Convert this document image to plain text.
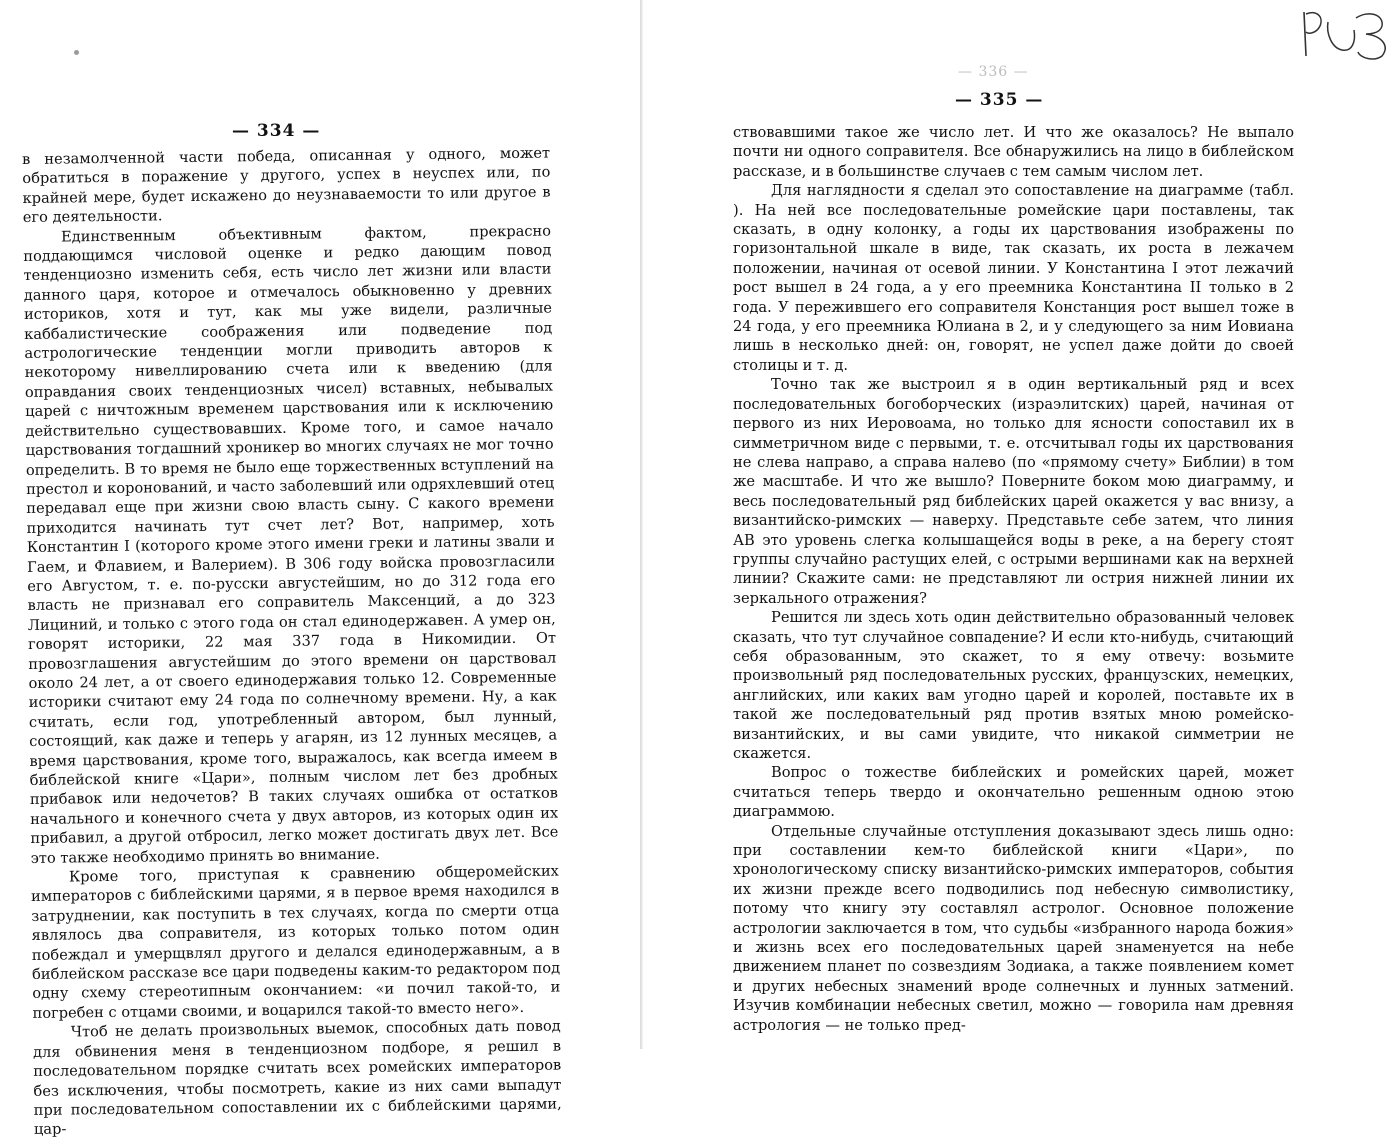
— 334 —

в незамолченной части победа, описанная у одного, может обратиться в поражение у другого, успех в неуспех или, по крайней мере, будет искажено до неузнаваемости то или другое в его деятельности.

Единственным объективным фактом, прекрасно поддающимся числовой оценке и редко дающим повод тенденциозно изменить себя, есть число лет жизни или власти данного царя, которое и отмечалось обыкновенно у древних историков, хотя и тут, как мы уже видели, различные каббалистические соображения или подведение под астрологические тенденции могли приводить авторов к некоторому нивеллированию счета или к введению (для оправдания своих тенденциозных чисел) вставных, небывалых царей с ничтожным временем царствования или к исключению действительно существовавших. Кроме того, и самое начало царствования тогдашний хроникер во многих случаях не мог точно определить. В то время не было еще торжественных вступлений на престол и коронований, и часто заболевший или одряхлевший отец передавал еще при жизни свою власть сыну. С какого времени приходится начинать тут счет лет? Вот, например, хоть Константин I (которого кроме этого имени греки и латины звали и Гаем, и Флавием, и Валерием). В 306 году войска провозгласили его Августом, т. е. по-русски августейшим, но до 312 года его власть не признавал его соправитель Максенций, а до 323 Лициний, и только с этого года он стал единодержавен. А умер он, говорят историки, 22 мая 337 года в Никомидии. От провозглашения августейшим до этого времени он царствовал около 24 лет, а от своего единодержавия только 12. Современные историки считают ему 24 года по солнечному времени. Ну, а как считать, если год, употребленный автором, был лунный, состоящий, как даже и теперь у агарян, из 12 лунных месяцев, а время царствования, кроме того, выражалось, как всегда имеем в библейской книге «Цари», полным числом лет без дробных прибавок или недочетов? В таких случаях ошибка от остатков начального и конечного счета у двух авторов, из которых один их прибавил, а другой отбросил, легко может достигать двух лет. Все это также необходимо принять во внимание.

Кроме того, приступая к сравнению общеромейских императоров с библейскими царями, я в первое время находился в затруднении, как поступить в тех случаях, когда по смерти отца являлось два соправителя, из которых только потом один побеждал и умерщвлял другого и делался единодержавным, а в библейском рассказе все цари подведены каким-то редактором под одну схему стереотипным окончанием: «и почил такой-то, и погребен с отцами своими, и воцарился такой-то вместо него».

Чтоб не делать произвольных выемок, способных дать повод для обвинения меня в тенденциозном подборе, я решил в последовательном порядке считать всех ромейских императоров без исключения, чтобы посмотреть, какие из них сами выпадут при последовательном сопоставлении их с библейскими царями, цар-

— 336 —
— 335 —

ствовавшими такое же число лет. И что же оказалось? Не выпало почти ни одного соправителя. Все обнаружились на лицо в библейском рассказе, и в большинстве случаев с тем самым числом лет.

Для наглядности я сделал это сопоставление на диаграмме (табл. ). На ней все последовательные ромейские цари поставлены, так сказать, в одну колонку, а годы их царствования изображены по горизонтальной шкале в виде, так сказать, их роста в лежачем положении, начиная от осевой линии. У Константина I этот лежачий рост вышел в 24 года, а у его преемника Константина II только в 2 года. У пережившего его соправителя Констанция рост вышел тоже в 24 года, у его преемника Юлиана в 2, и у следующего за ним Иовиана лишь в несколько дней: он, говорят, не успел даже дойти до своей столицы и т. д.

Точно так же выстроил я в один вертикальный ряд и всех последовательных богоборческих (израэлитских) царей, начиная от первого из них Иеровоама, но только для ясности сопоставил их в симметричном виде с первыми, т. е. отсчитывал годы их царствования не слева направо, а справа налево (по «прямому счету» Библии) в том же масштабе. И что же вышло? Поверните боком мою диаграмму, и весь последовательный ряд библейских царей окажется у вас внизу, а византийско-римских — наверху. Представьте себе затем, что линия АВ это уровень слегка колышащейся воды в реке, а на берегу стоят группы случайно растущих елей, с острыми вершинами как на верхней линии? Скажите сами: не представляют ли острия нижней линии их зеркального отражения?

Решится ли здесь хоть один действительно образованный человек сказать, что тут случайное совпадение? И если кто-нибудь, считающий себя образованным, это скажет, то я ему отвечу: возьмите произвольный ряд последовательных русских, французских, немецких, английских, или каких вам угодно царей и королей, поставьте их в такой же последовательный ряд против взятых мною ромейско-византийских, и вы сами увидите, что никакой симметрии не скажется.

Вопрос о тожестве библейских и ромейских царей, может считаться теперь твердо и окончательно решенным одною этою диаграммою.

Отдельные случайные отступления доказывают здесь лишь одно: при составлении кем-то библейской книги «Цари», по хронологическому списку византийско-римских императоров, события их жизни прежде всего подводились под небесную символистику, потому что книгу эту составлял астролог. Основное положение астрологии заключается в том, что судьбы «избранного народа божия» и жизнь всех его последовательных царей знаменуется на небе движением планет по созвездиям Зодиака, а также появлением комет и других небесных знамений вроде солнечных и лунных затмений. Изучив комбинации небесных светил, можно — говорила нам древняя астрология — не только пред-
